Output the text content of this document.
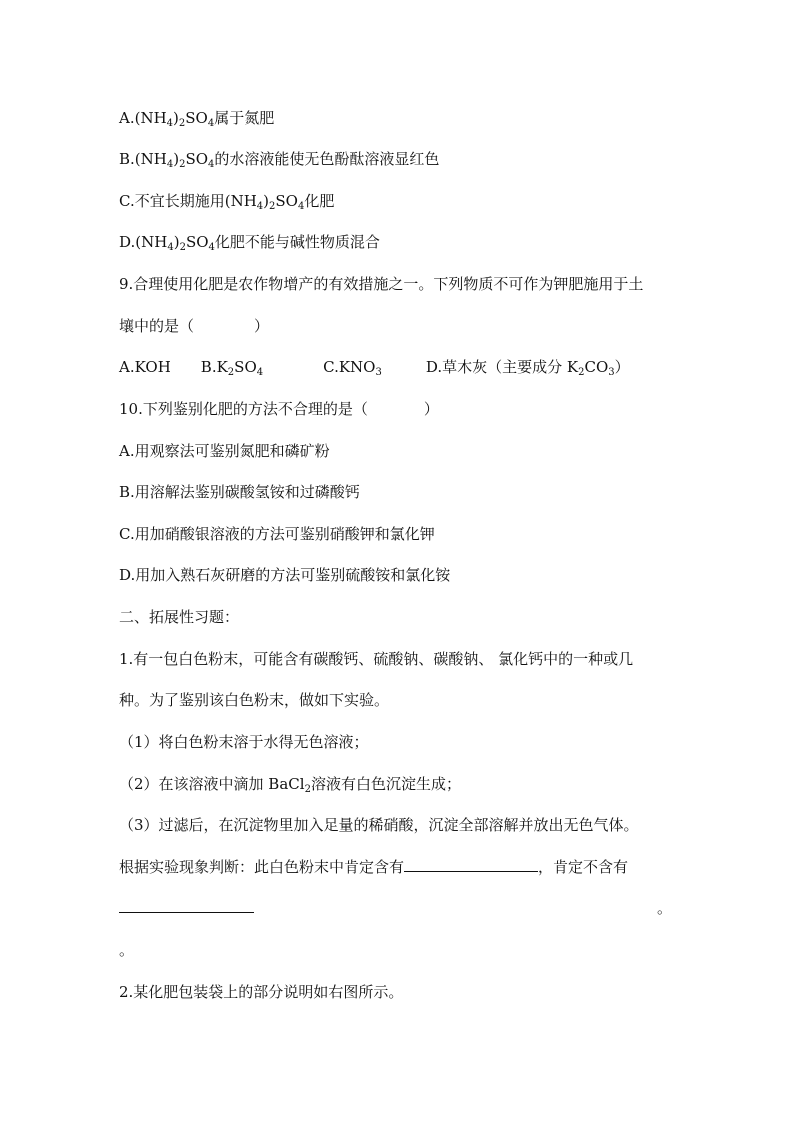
$A.(NH_4)_2SO_4$属于氮肥
$B.(NH_4)_2SO_4$的水溶液能使无色酚酞溶液显红色
C.不宜长期施用$(NH_4)_2SO_4$化肥
$D.(NH_4)_2SO_4$化肥不能与碱性物质混合
9.合理使用化肥是农作物增产的有效措施之一。下列物质不可作为钾肥施用于土
壤中的是（	）
A.KOH $B.K_2SO_4$	$C.KNO_3$	D.草木灰（主要成分 $K_2CO_3$）
10.下列鉴别化肥的方法不合理的是（	）
A.用观察法可鉴别氮肥和磷矿粉
B.用溶解法鉴别碳酸氢铵和过磷酸钙
C.用加硝酸银溶液的方法可鉴别硝酸钾和氯化钾
D.用加入熟石灰研磨的方法可鉴别硫酸铵和氯化铵
二、拓展性习题：
1.有一包白色粉末，可能含有碳酸钙、硫酸钠、碳酸钠、 氯化钙中的一种或几
种。为了鉴别该白色粉末，做如下实验。
（1）将白色粉末溶于水得无色溶液；
（2）在该溶液中滴加 BaCl$_2$溶液有白色沉淀生成；
（3）过滤后，在沉淀物里加入足量的稀硝酸，沉淀全部溶解并放出无色气体。
根据实验现象判断：此白色粉末中肯定含有	，肯定不含有
。
。
2.某化肥包装袋上的部分说明如右图所示。
